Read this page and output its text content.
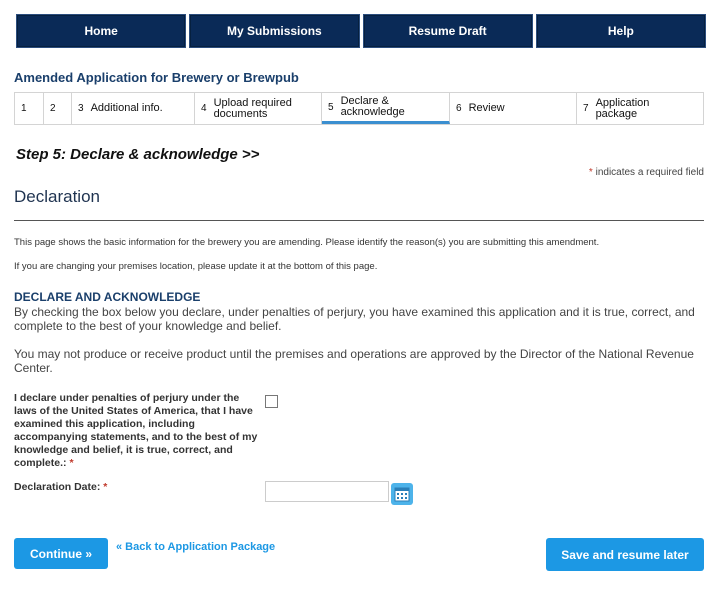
Home	My Submissions	Resume Draft	Help
Amended Application for Brewery or Brewpub
1 2 3 Additional info.	4 Upload required documents
5 Declare & acknowledge	6 Review	7 Application package
Step 5: Declare & acknowledge >>
* indicates a required field
Declaration
This page shows the basic information for the brewery you are amending. Please identify the reason(s) you are submitting this amendment.
If you are changing your premises location, please update it at the bottom of this page.
DECLARE AND ACKNOWLEDGE
By checking the box below you declare, under penalties of perjury, you have examined this application and it is true, correct, and complete to the best of your knowledge and belief.
You may not produce or receive product until the premises and operations are approved by the Director of the National Revenue Center.
I declare under penalties of perjury under the laws of the United States of America, that I have examined this application, including accompanying statements, and to the best of my knowledge and belief, it is true, correct, and complete.: *
Declaration Date: *
Continue »	« Back to Application Package
Save and resume later
